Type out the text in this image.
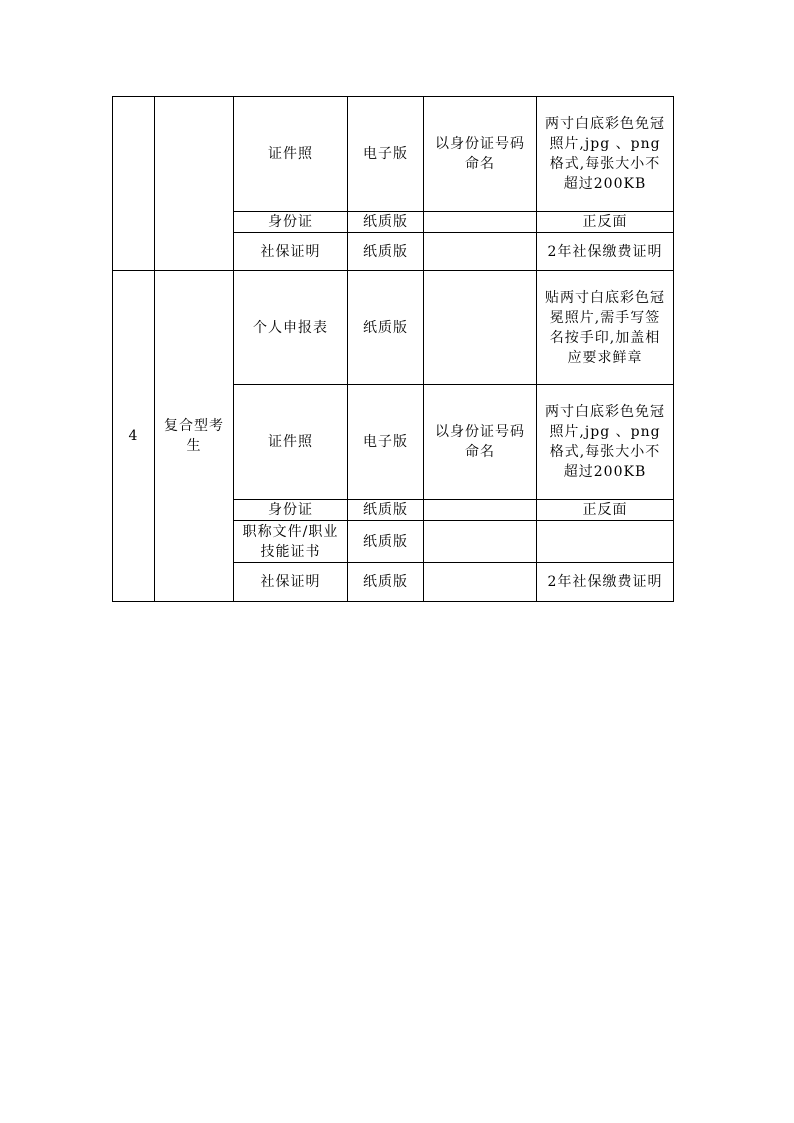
		证件照	电子版	以身份证号码命名	两寸白底彩色免冠照片,jpg 、png格式,每张大小不超过200KB
		身份证	纸质版		正反面
		社保证明	纸质版		2年社保缴费证明
4	复合型考生	个人申报表	纸质版		贴两寸白底彩色冠冕照片,需手写签名按手印,加盖相应要求鲜章
		证件照	电子版	以身份证号码命名	两寸白底彩色免冠照片,jpg 、png格式,每张大小不超过200KB
		身份证	纸质版		正反面
		职称文件/职业技能证书	纸质版		
		社保证明	纸质版		2年社保缴费证明
